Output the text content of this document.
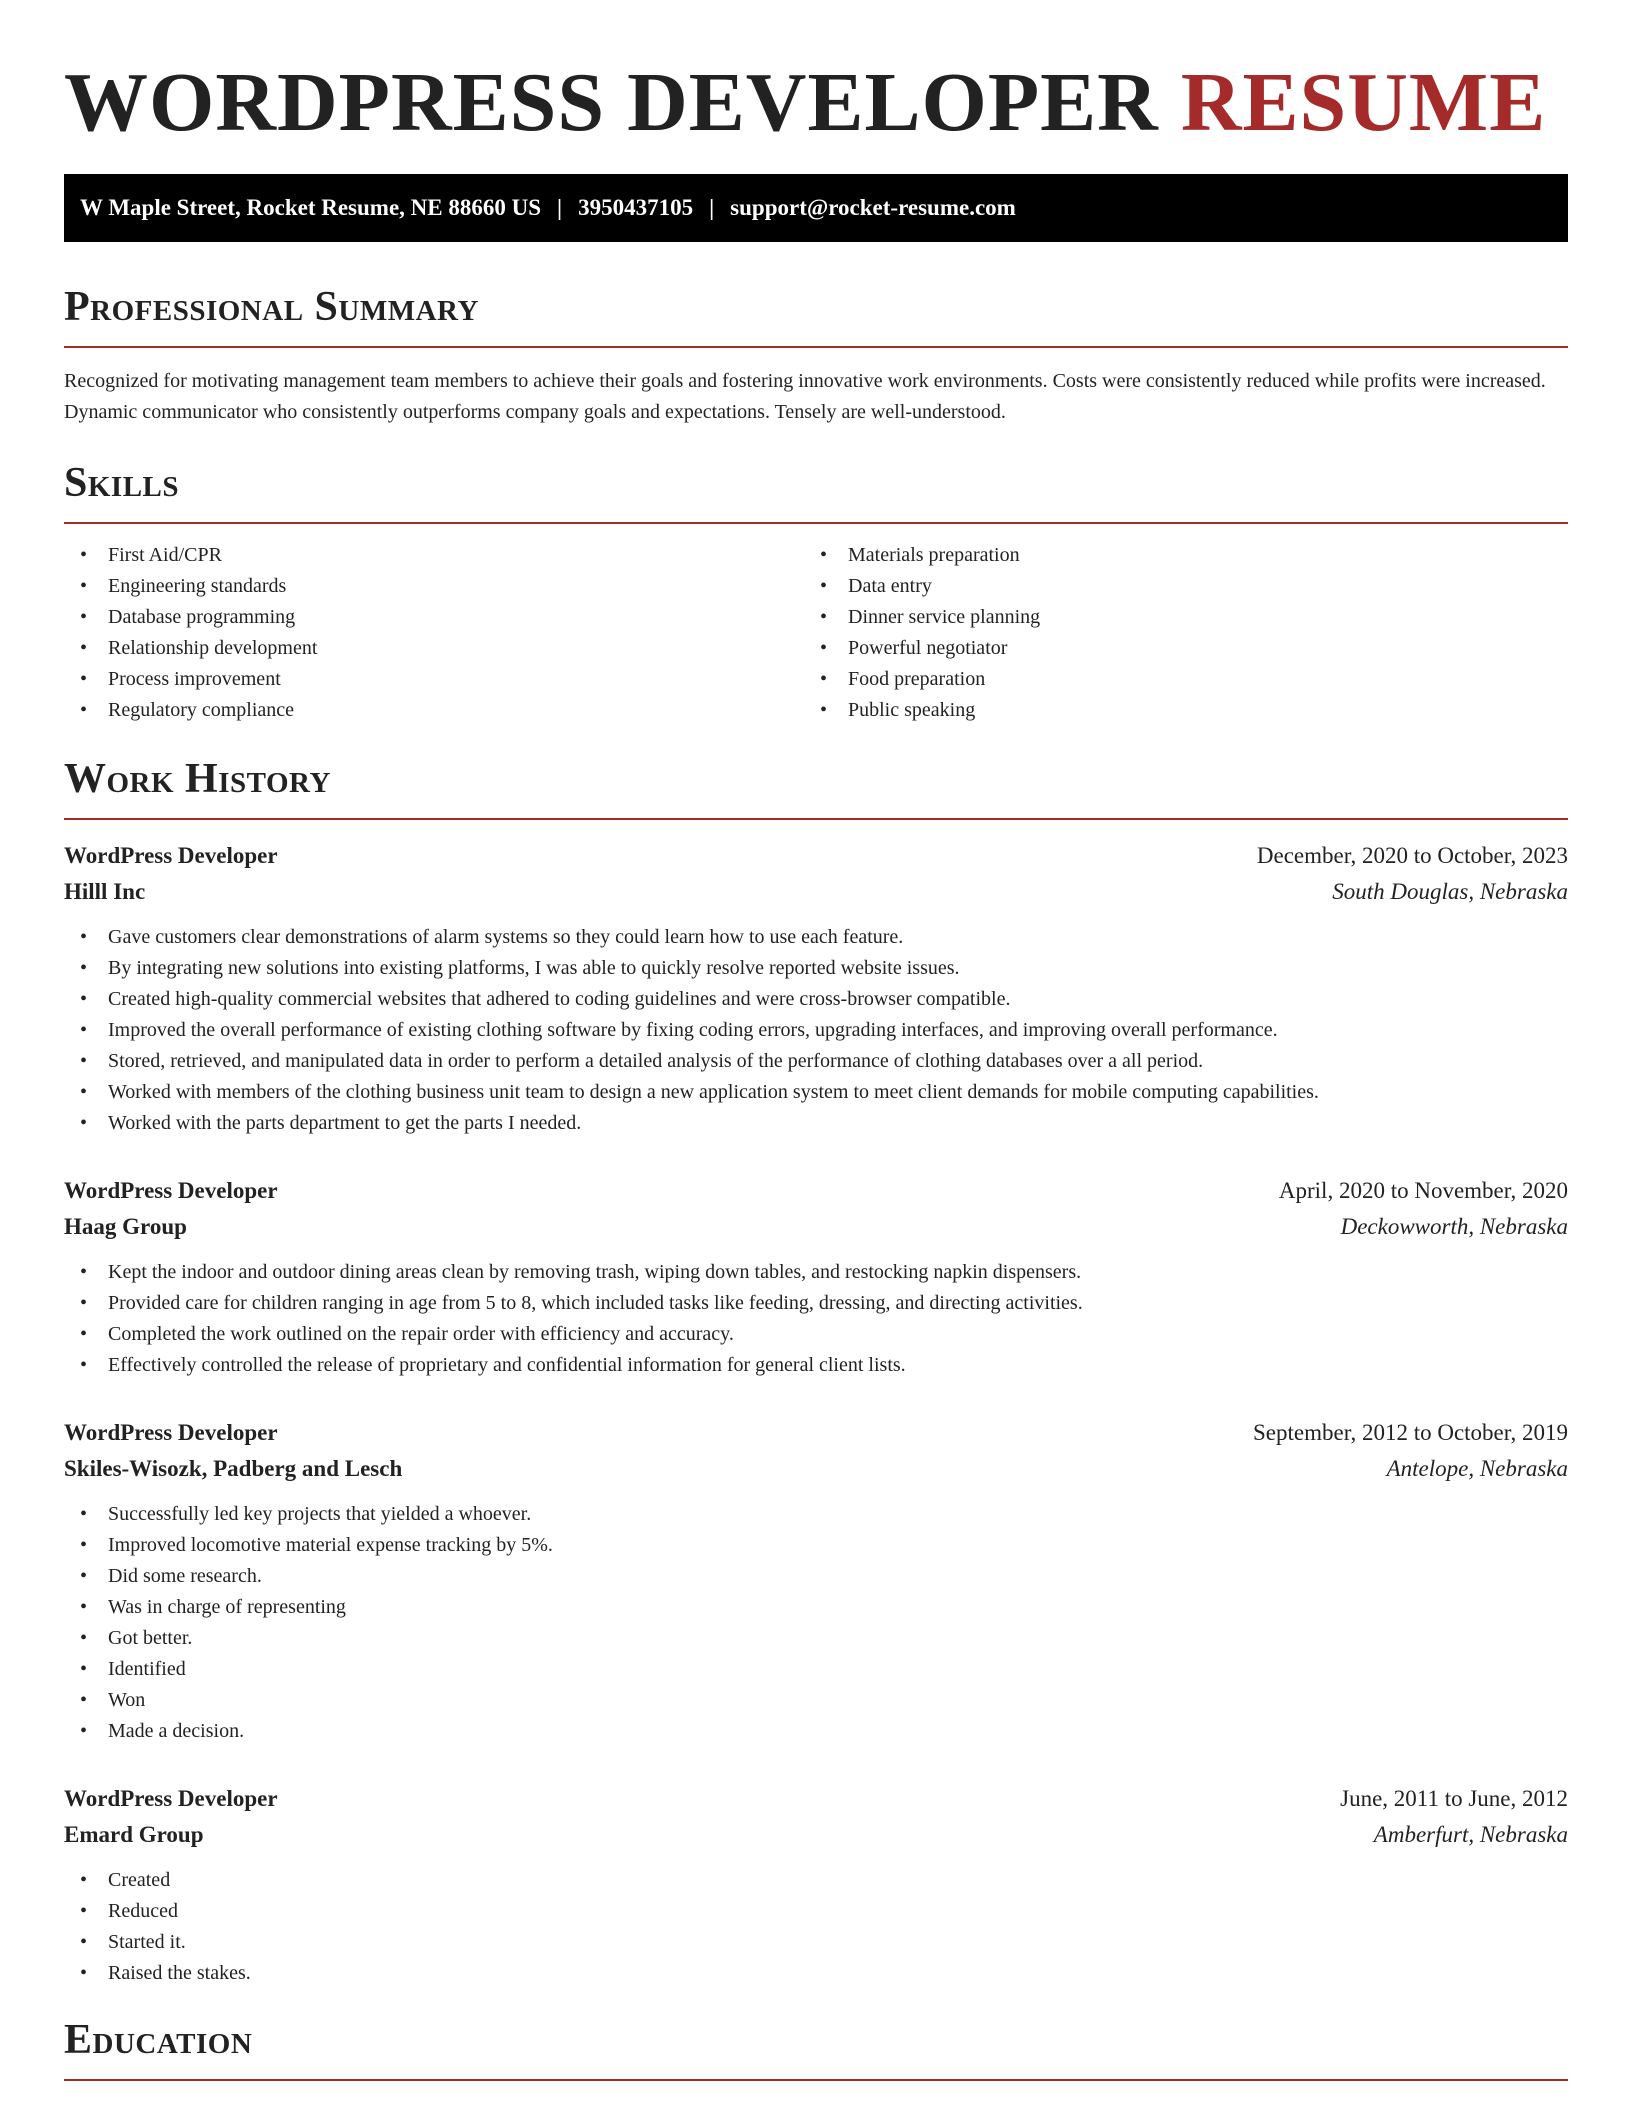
WORDPRESS DEVELOPER RESUME
W Maple Street, Rocket Resume, NE 88660 US | 3950437105 | support@rocket-resume.com
Professional Summary

Recognized for motivating management team members to achieve their goals and fostering innovative work environments. Costs were consistently reduced while profits were increased. Dynamic communicator who consistently outperforms company goals and expectations. Tensely are well-understood.

Skills
• First Aid/CPR
• Engineering standards
• Database programming
• Relationship development
• Process improvement
• Regulatory compliance
• Materials preparation
• Data entry
• Dinner service planning
• Powerful negotiator
• Food preparation
• Public speaking
Work History
WordPress Developer	December, 2020 to October, 2023
Hilll Inc	South Douglas, Nebraska
• Gave customers clear demonstrations of alarm systems so they could learn how to use each feature.
• By integrating new solutions into existing platforms, I was able to quickly resolve reported website issues.
• Created high-quality commercial websites that adhered to coding guidelines and were cross-browser compatible.
• Improved the overall performance of existing clothing software by fixing coding errors, upgrading interfaces, and improving overall performance.
• Stored, retrieved, and manipulated data in order to perform a detailed analysis of the performance of clothing databases over a all period.
• Worked with members of the clothing business unit team to design a new application system to meet client demands for mobile computing capabilities.
• Worked with the parts department to get the parts I needed.
WordPress Developer	April, 2020 to November, 2020
Haag Group	Deckowworth, Nebraska
• Kept the indoor and outdoor dining areas clean by removing trash, wiping down tables, and restocking napkin dispensers.
• Provided care for children ranging in age from 5 to 8, which included tasks like feeding, dressing, and directing activities.
• Completed the work outlined on the repair order with efficiency and accuracy.
• Effectively controlled the release of proprietary and confidential information for general client lists.
WordPress Developer	September, 2012 to October, 2019
Skiles-Wisozk, Padberg and Lesch	Antelope, Nebraska
• Successfully led key projects that yielded a whoever.
• Improved locomotive material expense tracking by 5%.
• Did some research.
• Was in charge of representing
• Got better.
• Identified
• Won
• Made a decision.
WordPress Developer	June, 2011 to June, 2012
Emard Group	Amberfurt, Nebraska
• Created
• Reduced
• Started it.
• Raised the stakes.
Education
